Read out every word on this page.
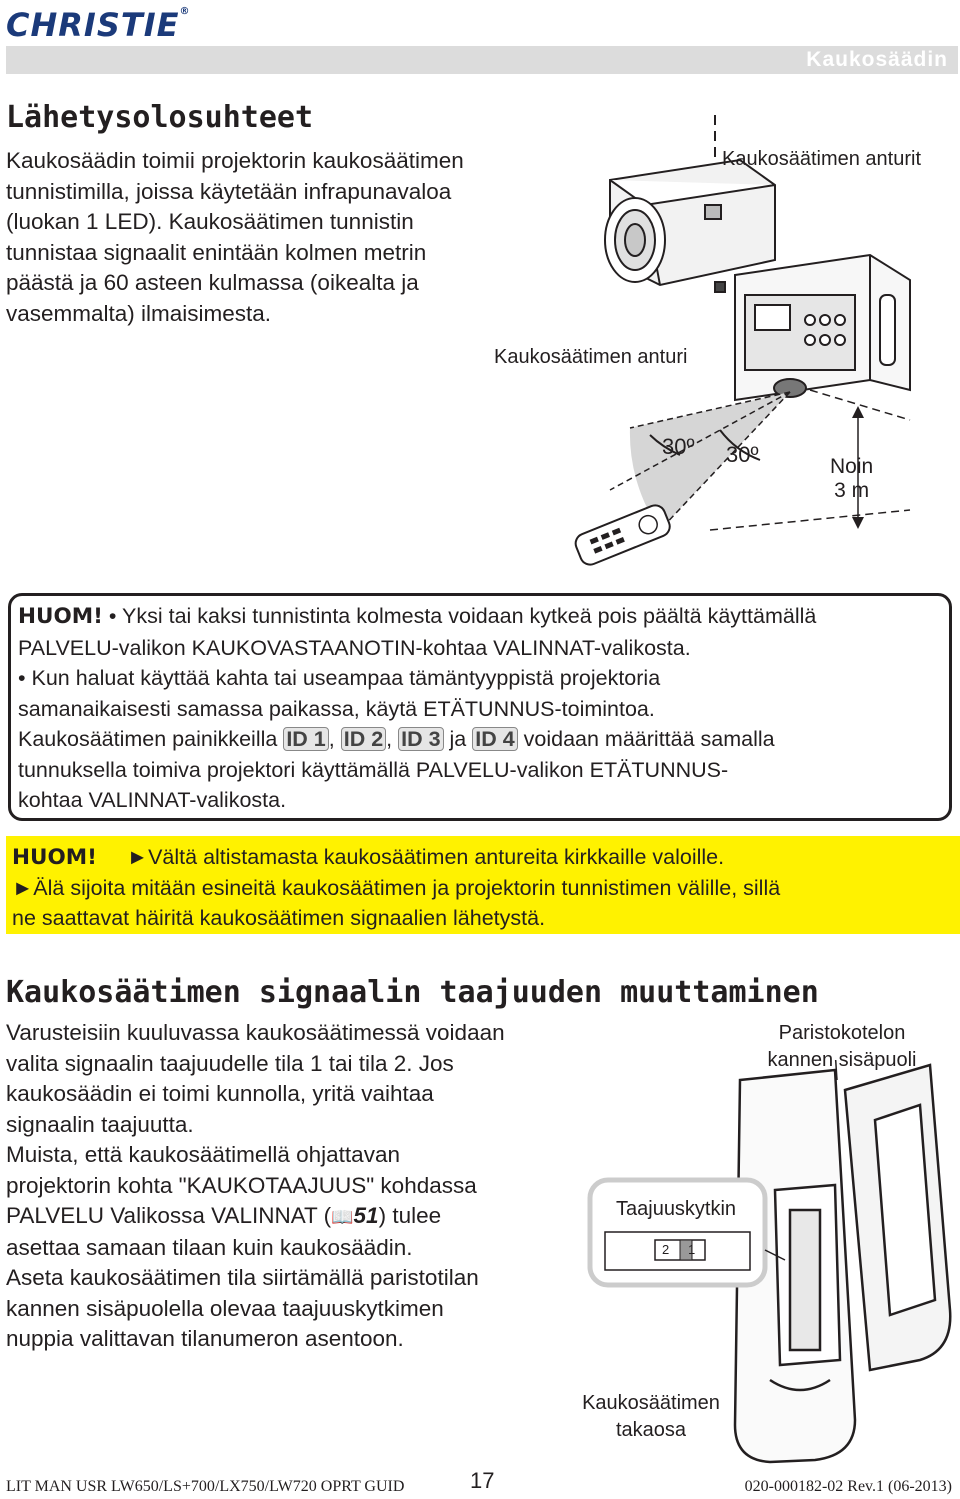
CHRISTIE®
Kaukosäädin
Lähetysolosuhteet

Kaukosäädin toimii projektorin kaukosäätimen

tunnistimilla, joissa käytetään infrapunavaloa

(luokan 1 LED). Kaukosäätimen tunnistin

tunnistaa signaalit enintään kolmen metrin

päästä ja 60 asteen kulmassa (oikealta ja

vasemmalta) ilmaisimesta.

Kaukosäätimen anturit
Kaukosäätimen anturi
30º 30º	Noin
3 m

HUOM! • Yksi tai kaksi tunnistinta kolmesta voidaan kytkeä pois päältä käyttämällä

PALVELU-valikon KAUKOVASTAANOTIN-kohtaa VALINNAT-valikosta.

• Kun haluat käyttää kahta tai useampaa tämäntyyppistä projektoria

samanaikaisesti samassa paikassa, käytä ETÄTUNNUS-toimintoa.

Kaukosäätimen painikkeilla ID 1 , ID 2 , ID 3 ja ID 4 voidaan määrittää samalla

tunnuksella toimiva projektori käyttämällä PALVELU-valikon ETÄTUNNUS-

kohtaa VALINNAT-valikosta.

HUOM! ►Vältä altistamasta kaukosäätimen antureita kirkkaille valoille.

►Älä sijoita mitään esineitä kaukosäätimen ja projektorin tunnistimen välille, sillä

ne saattavat häiritä kaukosäätimen signaalien lähetystä.

Kaukosäätimen signaalin taajuuden muuttaminen

Varusteisiin kuuluvassa kaukosäätimessä voidaan

valita signaalin taajuudelle tila 1 tai tila 2. Jos

kaukosäädin ei toimi kunnolla, yritä vaihtaa

signaalin taajuutta.

Muista, että kaukosäätimellä ohjattavan

projektorin kohta "KAUKOTAAJUUS" kohdassa

PALVELU Valikossa VALINNAT (📖51) tulee

asettaa samaan tilaan kuin kaukosäädin.

Aseta kaukosäätimen tila siirtämällä paristotilan

kannen sisäpuolella olevaa taajuuskytkimen

nuppia valittavan tilanumeron asentoon.

Paristokotelon
kannen sisäpuoli
Taajuuskytkin
2 1
Kaukosäätimen
takaosa
LIT MAN USR LW650/LS+700/LX750/LW720 OPRT GUID	17	020-000182-02 Rev.1 (06-2013)
